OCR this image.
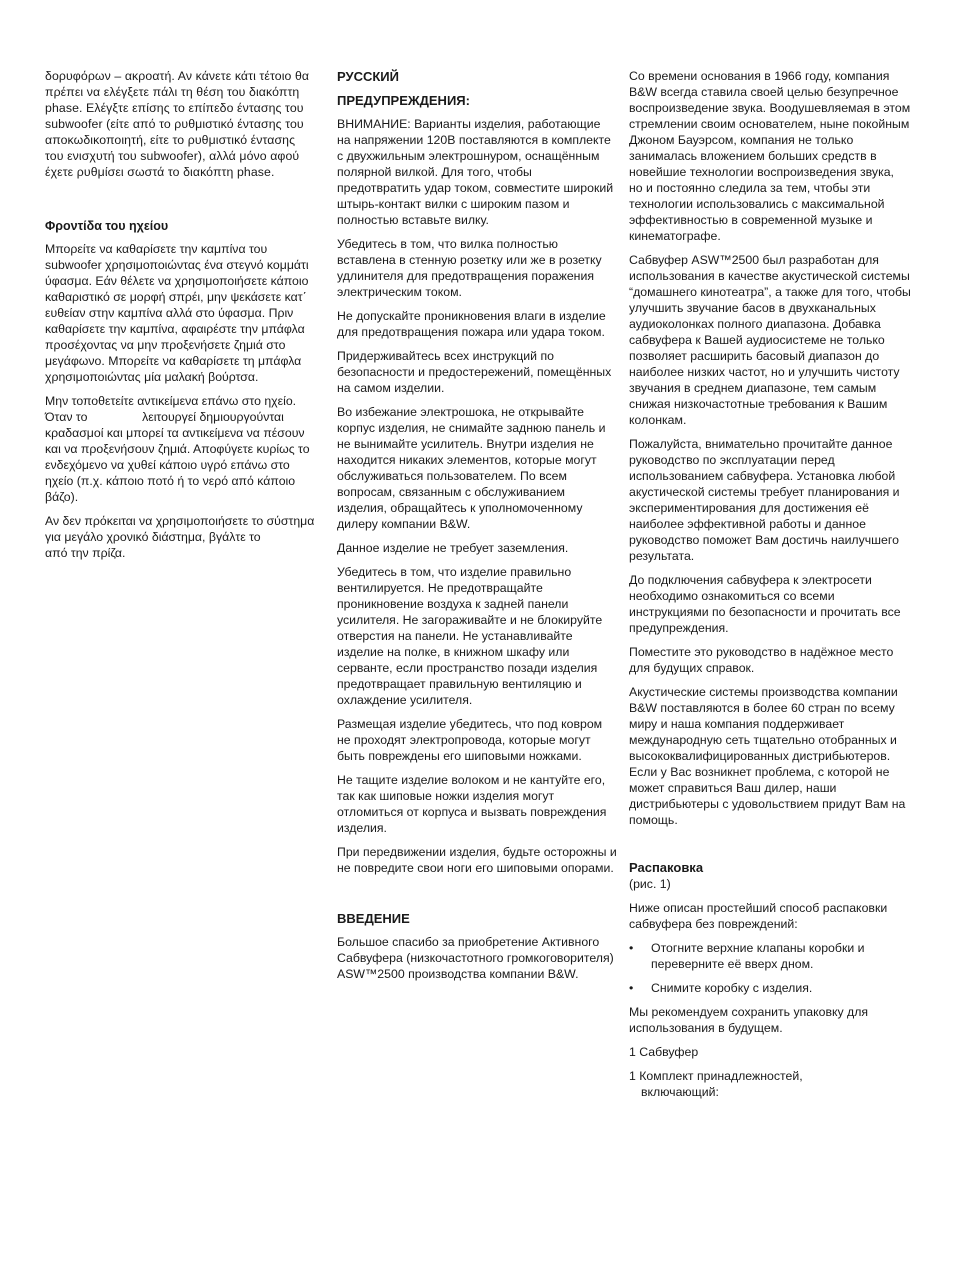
δορυφόρων – ακροατή. Αν κάνετε κάτι τέτοιο θα πρέπει να ελέγξετε πάλι τη θέση του διακόπτη phase. Ελέγξτε επίσης το επίπεδο έντασης του subwoofer (είτε από το ρυθμιστικό έντασης του αποκωδικοποιητή, είτε το ρυθμιστικό έντασης του ενισχυτή του subwoofer), αλλά μόνο αφού έχετε ρυθμίσει σωστά το διακόπτη phase.

Φροντίδα του ηχείου

Μπορείτε να καθαρίσετε την καμπίνα του subwoofer χρησιμοποιώντας ένα στεγνό κομμάτι ύφασμα. Εάν θέλετε να χρησιμοποιήσετε κάποιο καθαριστικό σε μορφή σπρέι, μην ψεκάσετε κατ΄ ευθείαν στην καμπίνα αλλά στο ύφασμα. Πριν καθαρίσετε την καμπίνα, αφαιρέστε την μπάφλα προσέχοντας να μην προξενήσετε ζημιά στο μεγάφωνο. Μπορείτε να καθαρίσετε τη μπάφλα χρησιμοποιώντας μία μαλακή βούρτσα.

Μην τοποθετείτε αντικείμενα επάνω στο ηχείο. Όταν το                λειτουργεί δημιουργούνται κραδασμοί και μπορεί τα αντικείμενα να πέσουν και να προξενήσουν ζημιά. Αποφύγετε κυρίως το ενδεχόμενο να χυθεί κάποιο υγρό επάνω στο ηχείο (π.χ. κάποιο ποτό ή το νερό από κάποιο βάζο).

Αν δεν πρόκειται να χρησιμοποιήσετε το σύστημα για μεγάλο χρονικό διάστημα, βγάλτε το                από την πρίζα.

РУССКИЙ
ПРЕДУПРЕЖДЕНИЯ:

ВНИМАНИЕ: Варианты изделия, работающие на напряжении 120В поставляются в комплекте с двухжильным электрошнуром, оснащённым полярной вилкой. Для того, чтобы предотвратить удар током, совместите широкий штырь-контакт вилки с широким пазом и полностью вставьте вилку.

Убедитесь в том, что вилка полностью вставлена в стенную розетку или же в розетку удлинителя для предотвращения поражения электрическим током.

Не допускайте проникновения влаги в изделие для предотвращения пожара или удара током.

Придерживайтесь всех инструкций по безопасности и предостережений, помещённых на самом изделии.

Во избежание электрошока, не открывайте корпус изделия, не снимайте заднюю панель и не вынимайте усилитель. Внутри изделия не находится никаких элементов, которые могут обслуживаться пользователем. По всем вопросам, связанным с обслуживанием изделия, обращайтесь к уполномоченному дилеру компании B&W.

Данное изделие не требует заземления.

Убедитесь в том, что изделие правильно вентилируется. Не предотвращайте проникновение воздуха к задней панели усилителя. Не загораживайте и не блокируйте отверстия на панели. Не устанавливайте изделие на полке, в книжном шкафу или серванте, если пространство позади изделия предотвращает правильную вентиляцию и охлаждение усилителя.

Размещая изделие убедитесь, что под ковром не проходят электропровода, которые могут быть повреждены его шиповыми ножками.

Не тащите изделие волоком и не кантуйте его, так как шиповые ножки изделия могут отломиться от корпуса и вызвать повреждения изделия.

При передвижении изделия, будьте осторожны и не повредите свои ноги его шиповыми опорами.

ВВЕДЕНИЕ

Большое спасибо за приобретение Активного Сабвуфера (низкочастотного громкоговорителя) ASW™2500 производства компании B&W.

Со времени основания в 1966 году, компания B&W всегда ставила своей целью безупречное воспроизведение звука. Воодушевляемая в этом стремлении своим основателем, ныне покойным Джоном Бауэрсом, компания не только занималась вложением больших средств в новейшие технологии воспроизведения звука, но и постоянно следила за тем, чтобы эти технологии использовались с максимальной эффективностью в современной музыке и кинематографе.

Сабвуфер ASW™2500 был разработан для использования в качестве акустической системы “домашнего кинотеатра”, а также для того, чтобы улучшить звучание басов в двухканальных аудиоколонках полного диапазона. Добавка сабвуфера к Вашей аудиосистеме не только позволяет расширить басовый диапазон до наиболее низких частот, но и улучшить чистоту звучания в среднем диапазоне, тем самым снижая низкочастотные требования к Вашим колонкам.

Пожалуйста, внимательно прочитайте данное руководство по эксплуатации перед использованием сабвуфера. Установка любой акустической системы требует планирования и экспериментирования для достижения её наиболее эффективной работы и данное руководство поможет Вам достичь наилучшего результата.

До подключения сабвуфера к электросети необходимо ознакомиться со всеми инструкциями по безопасности и прочитать все предупреждения.

Поместите это руководство в надёжное место для будущих справок.

Акустические системы производства компании B&W поставляются в более 60 стран по всему миру и наша компания поддерживает международную сеть тщательно отобранных и высококвалифицированных дистрибьютеров. Если у Вас возникнет проблема, с которой не может справиться Ваш дилер, наши дистрибьютеры с удовольствием придут Вам на помощь.

Распаковка

(рис. 1)

Ниже описан простейший способ распаковки сабвуфера без повреждений:

•	Отогните верхние клапаны коробки и переверните её вверх дном.
•	Снимите коробку с изделия.

Мы рекомендуем сохранить упаковку для использования в будущем.

1 Сабвуфер

1 Комплект принадлежностей,
включающий:
